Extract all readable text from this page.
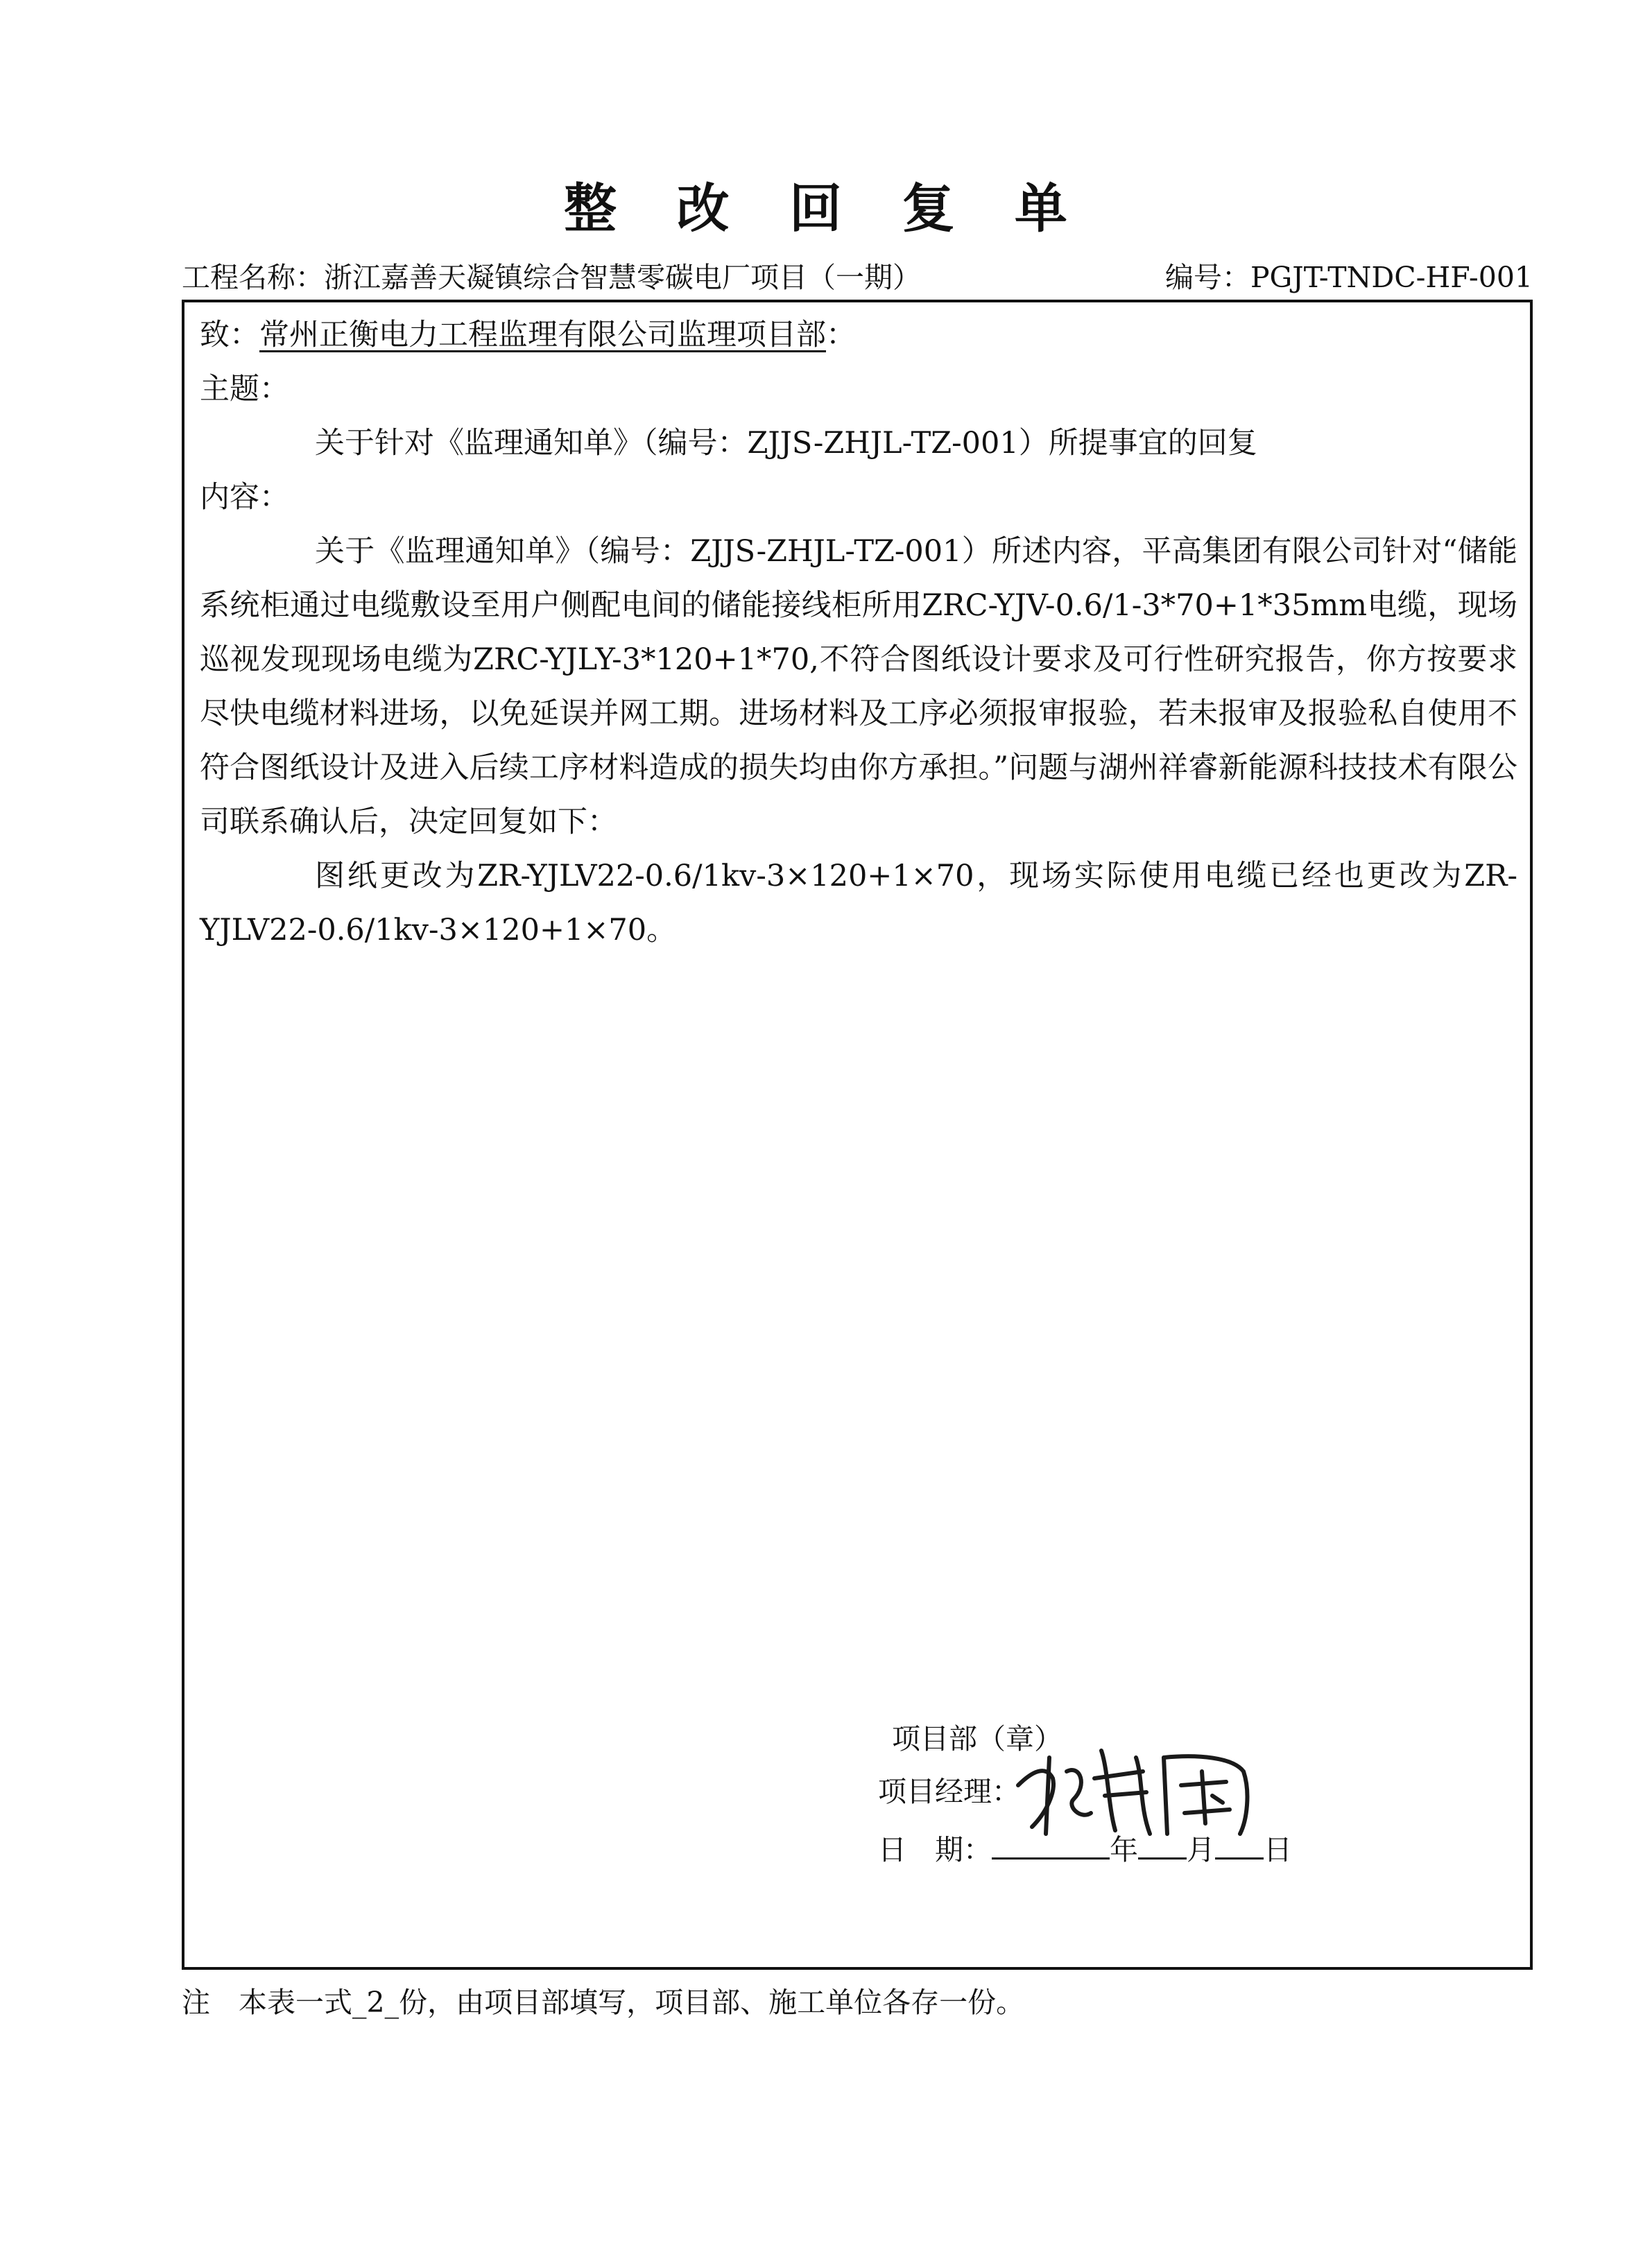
整 改 回 复 单
工程名称：浙江嘉善天凝镇综合智慧零碳电厂项目（一期）	编号：PGJT-TNDC-HF-001
致：常州正衡电力工程监理有限公司监理项目部：
主题：
关于针对《监理通知单》（编号：ZJJS-ZHJL-TZ-001）所提事宜的回复
内容：

关于《监理通知单》（编号：ZJJS-ZHJL-TZ-001）所述内容，平高集团有限公司针对“储能系统柜通过电缆敷设至用户侧配电间的储能接线柜所用ZRC-YJV-0.6/1-3*70+1*35mm电缆，现场巡视发现现场电缆为ZRC-YJLY-3*120+1*70,不符合图纸设计要求及可行性研究报告，你方按要求尽快电缆材料进场，以免延误并网工期。进场材料及工序必须报审报验，若未报审及报验私自使用不符合图纸设计及进入后续工序材料造成的损失均由你方承担。”问题与湖州祥睿新能源科技技术有限公司联系确认后，决定回复如下：

图纸更改为ZR-YJLV22-0.6/1kv-3×120+1×70，现场实际使用电缆已经也更改为ZR-YJLV22-0.6/1kv-3×120+1×70。

项目部（章）
项目经理：
日　期：	年 月 日
注　本表一式_2_份，由项目部填写，项目部、施工单位各存一份。
